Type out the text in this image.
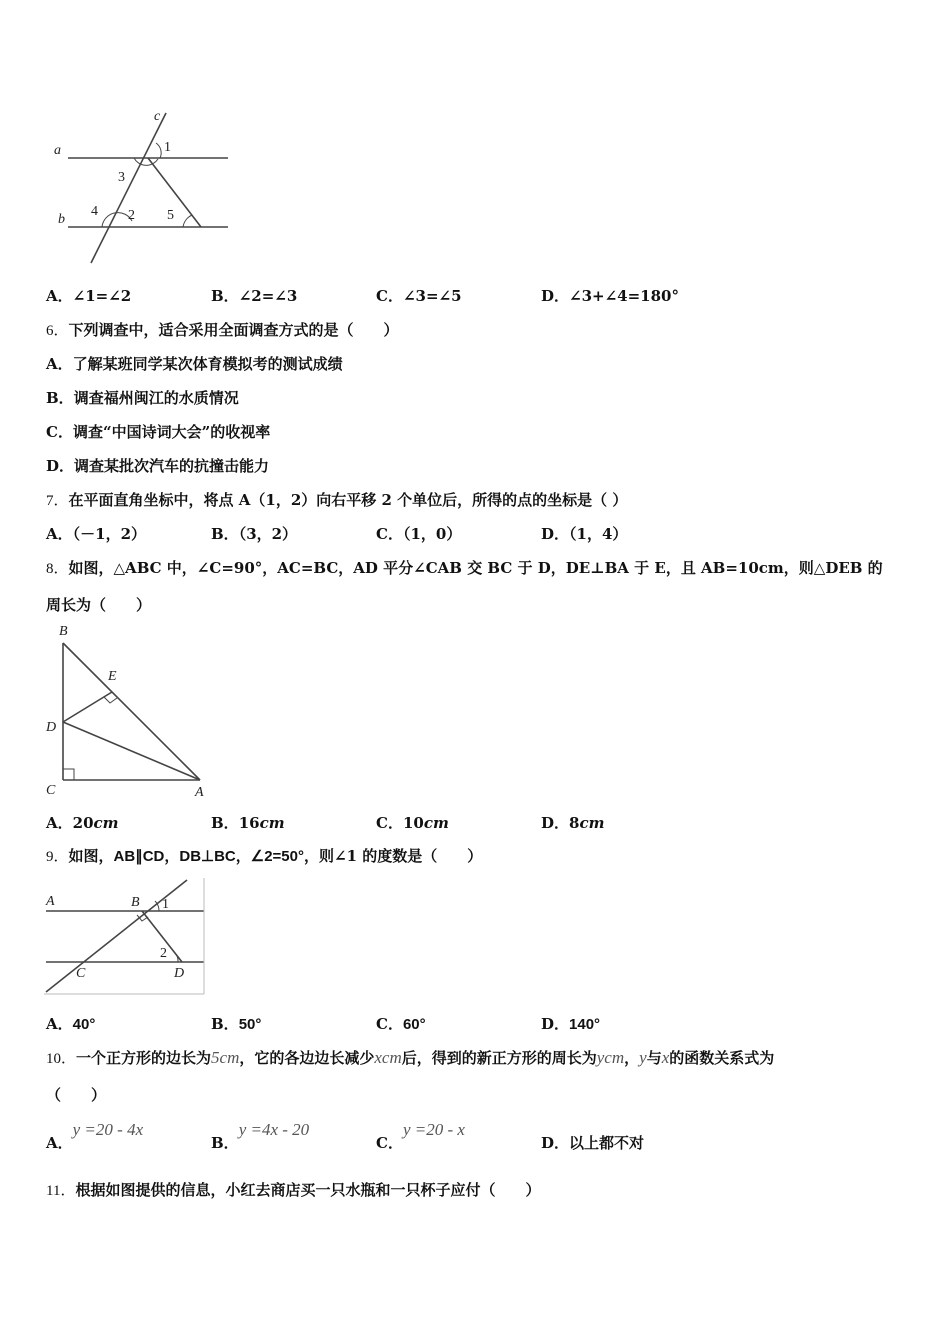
a
b
c
1
3
4 2 5
A．∠1=∠2	B．∠2=∠3	C．∠3=∠5	D．∠3+∠4=180°
6．下列调查中，适合采用全面调查方式的是（　　）
A．了解某班同学某次体育模拟考的测试成绩
B．调查福州闽江的水质情况
C．调查“中国诗词大会”的收视率
D．调查某批次汽车的抗撞击能力
7．在平面直角坐标中，将点 A（1，2）向右平移 2 个单位后，所得的点的坐标是（ ）
A．（－1，2）	B．（3，2）	C．（1，0）	D．（1，4）
8．如图，△ABC 中，∠C=90°，AC=BC，AD 平分∠CAB 交 BC 于 D，DE⊥BA 于 E，且 AB=10cm，则△DEB 的
周长为（　　）
B
E
D
C	A
A．20cm	B．16cm	C．10cm	D．8cm
9．如图，AB∥CD，DB⊥BC，∠2=50°，则∠1 的度数是（　　）
A	B 1
2
C	D
A．40°	B．50°	C．60°	D．140°
10．一个正方形的边长为5cm，它的各边边长减少xcm后，得到的新正方形的周长为ycm，y与x的函数关系式为
（　　）
A．y =20 - 4x
B．y =4x - 20
C．y =20 - x
D．以上都不对
11．根据如图提供的信息，小红去商店买一只水瓶和一只杯子应付（　　）
